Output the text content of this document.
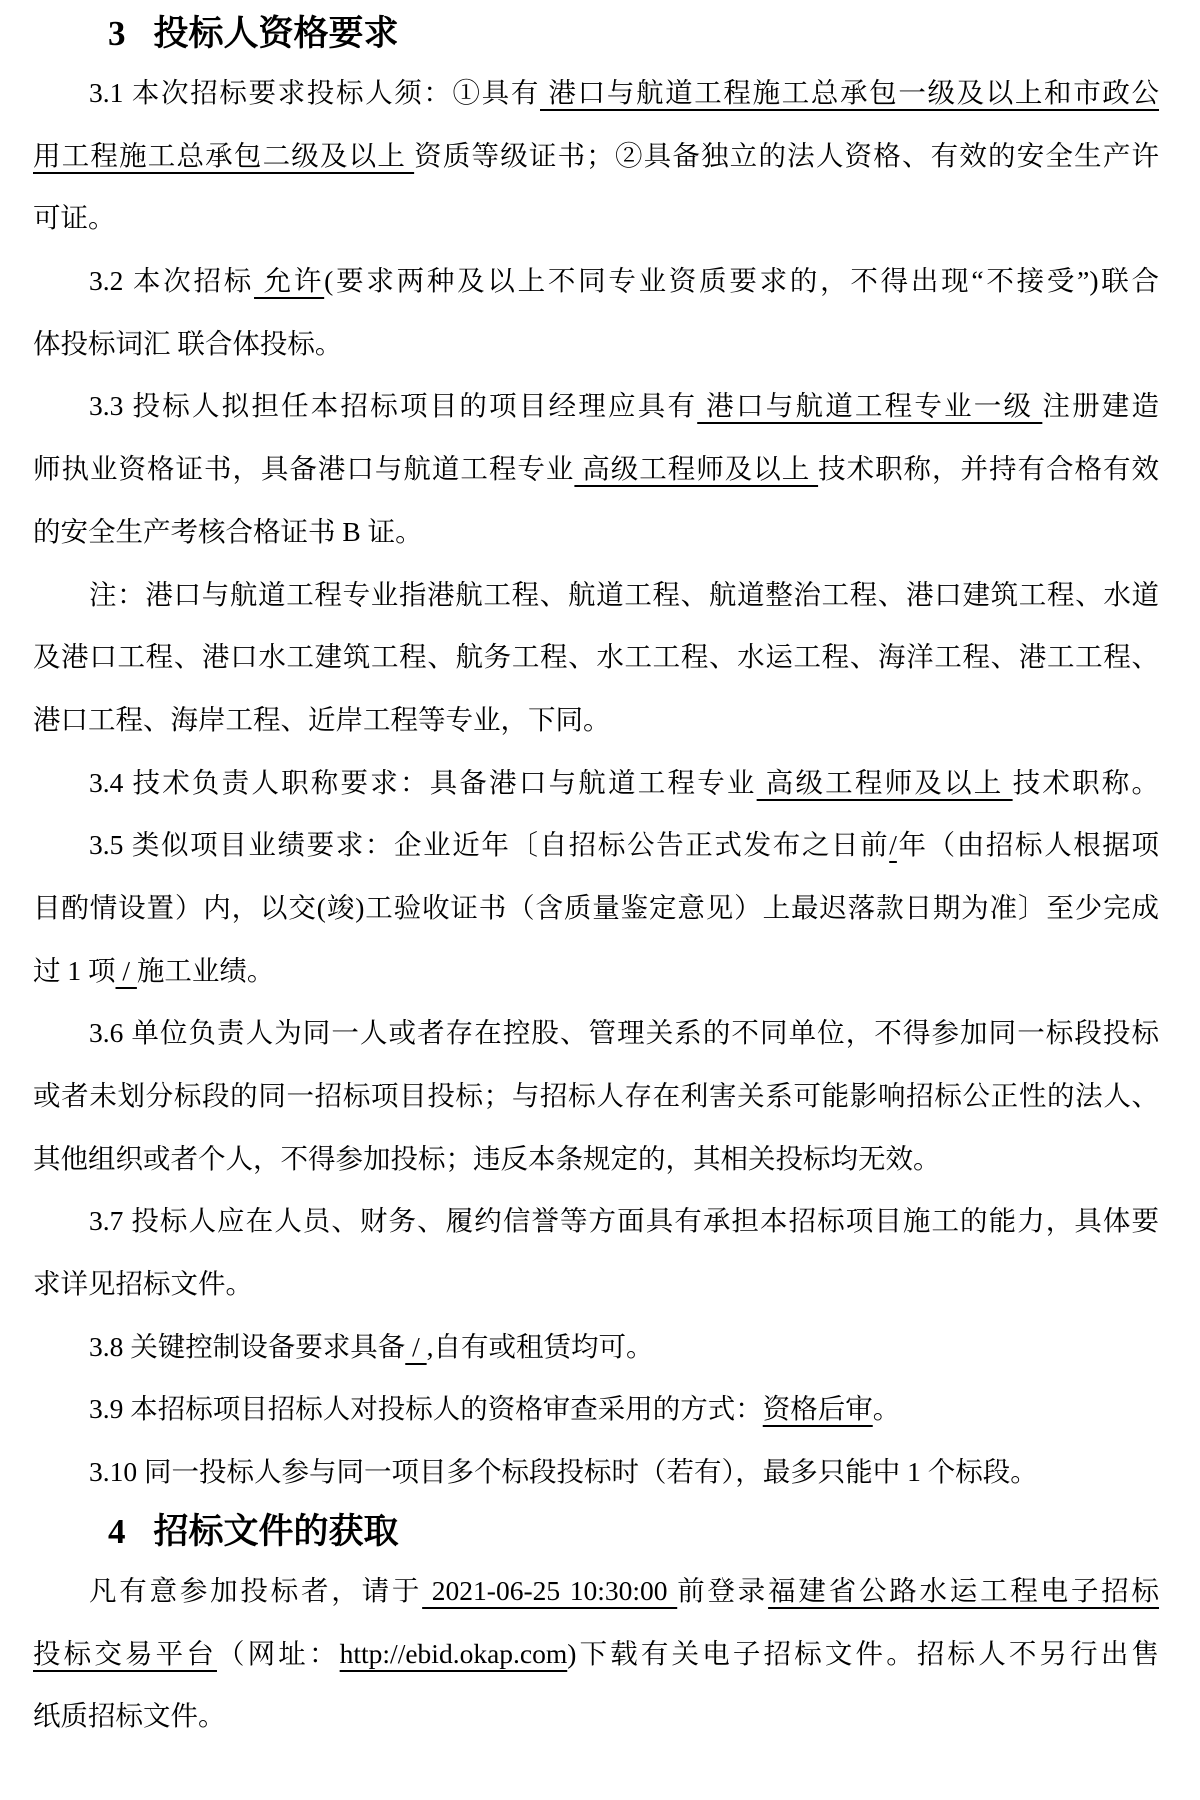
3 投标人资格要求
3.1 本次招标要求投标人须：①具有 港口与航道工程施工总承包一级及以上和市政公
用工程施工总承包二级及以上 资质等级证书；②具备独立的法人资格、有效的安全生产许
可证。
3.2 本次招标 允许(要求两种及以上不同专业资质要求的，不得出现“不接受”)联合
体投标词汇 联合体投标。
3.3 投标人拟担任本招标项目的项目经理应具有 港口与航道工程专业一级 注册建造
师执业资格证书，具备港口与航道工程专业 高级工程师及以上 技术职称，并持有合格有效
的安全生产考核合格证书 B 证。
注：港口与航道工程专业指港航工程、航道工程、航道整治工程、港口建筑工程、水道
及港口工程、港口水工建筑工程、航务工程、水工工程、水运工程、海洋工程、港工工程、
港口工程、海岸工程、近岸工程等专业，下同。
3.4 技术负责人职称要求：具备港口与航道工程专业 高级工程师及以上 技术职称。
3.5 类似项目业绩要求：企业近年〔自招标公告正式发布之日前/年（由招标人根据项
目酌情设置）内，以交(竣)工验收证书（含质量鉴定意见）上最迟落款日期为准〕至少完成
过 1 项 / 施工业绩。
3.6 单位负责人为同一人或者存在控股、管理关系的不同单位，不得参加同一标段投标
或者未划分标段的同一招标项目投标；与招标人存在利害关系可能影响招标公正性的法人、
其他组织或者个人，不得参加投标；违反本条规定的，其相关投标均无效。
3.7 投标人应在人员、财务、履约信誉等方面具有承担本招标项目施工的能力，具体要
求详见招标文件。
3.8 关键控制设备要求具备 / ,自有或租赁均可。
3.9 本招标项目招标人对投标人的资格审查采用的方式：资格后审。
3.10 同一投标人参与同一项目多个标段投标时（若有），最多只能中 1 个标段。
4 招标文件的获取
凡有意参加投标者，请于 2021-06-25 10:30:00 前登录福建省公路水运工程电子招标
投标交易平台（网址：http://ebid.okap.com)下载有关电子招标文件。招标人不另行出售
纸质招标文件。
